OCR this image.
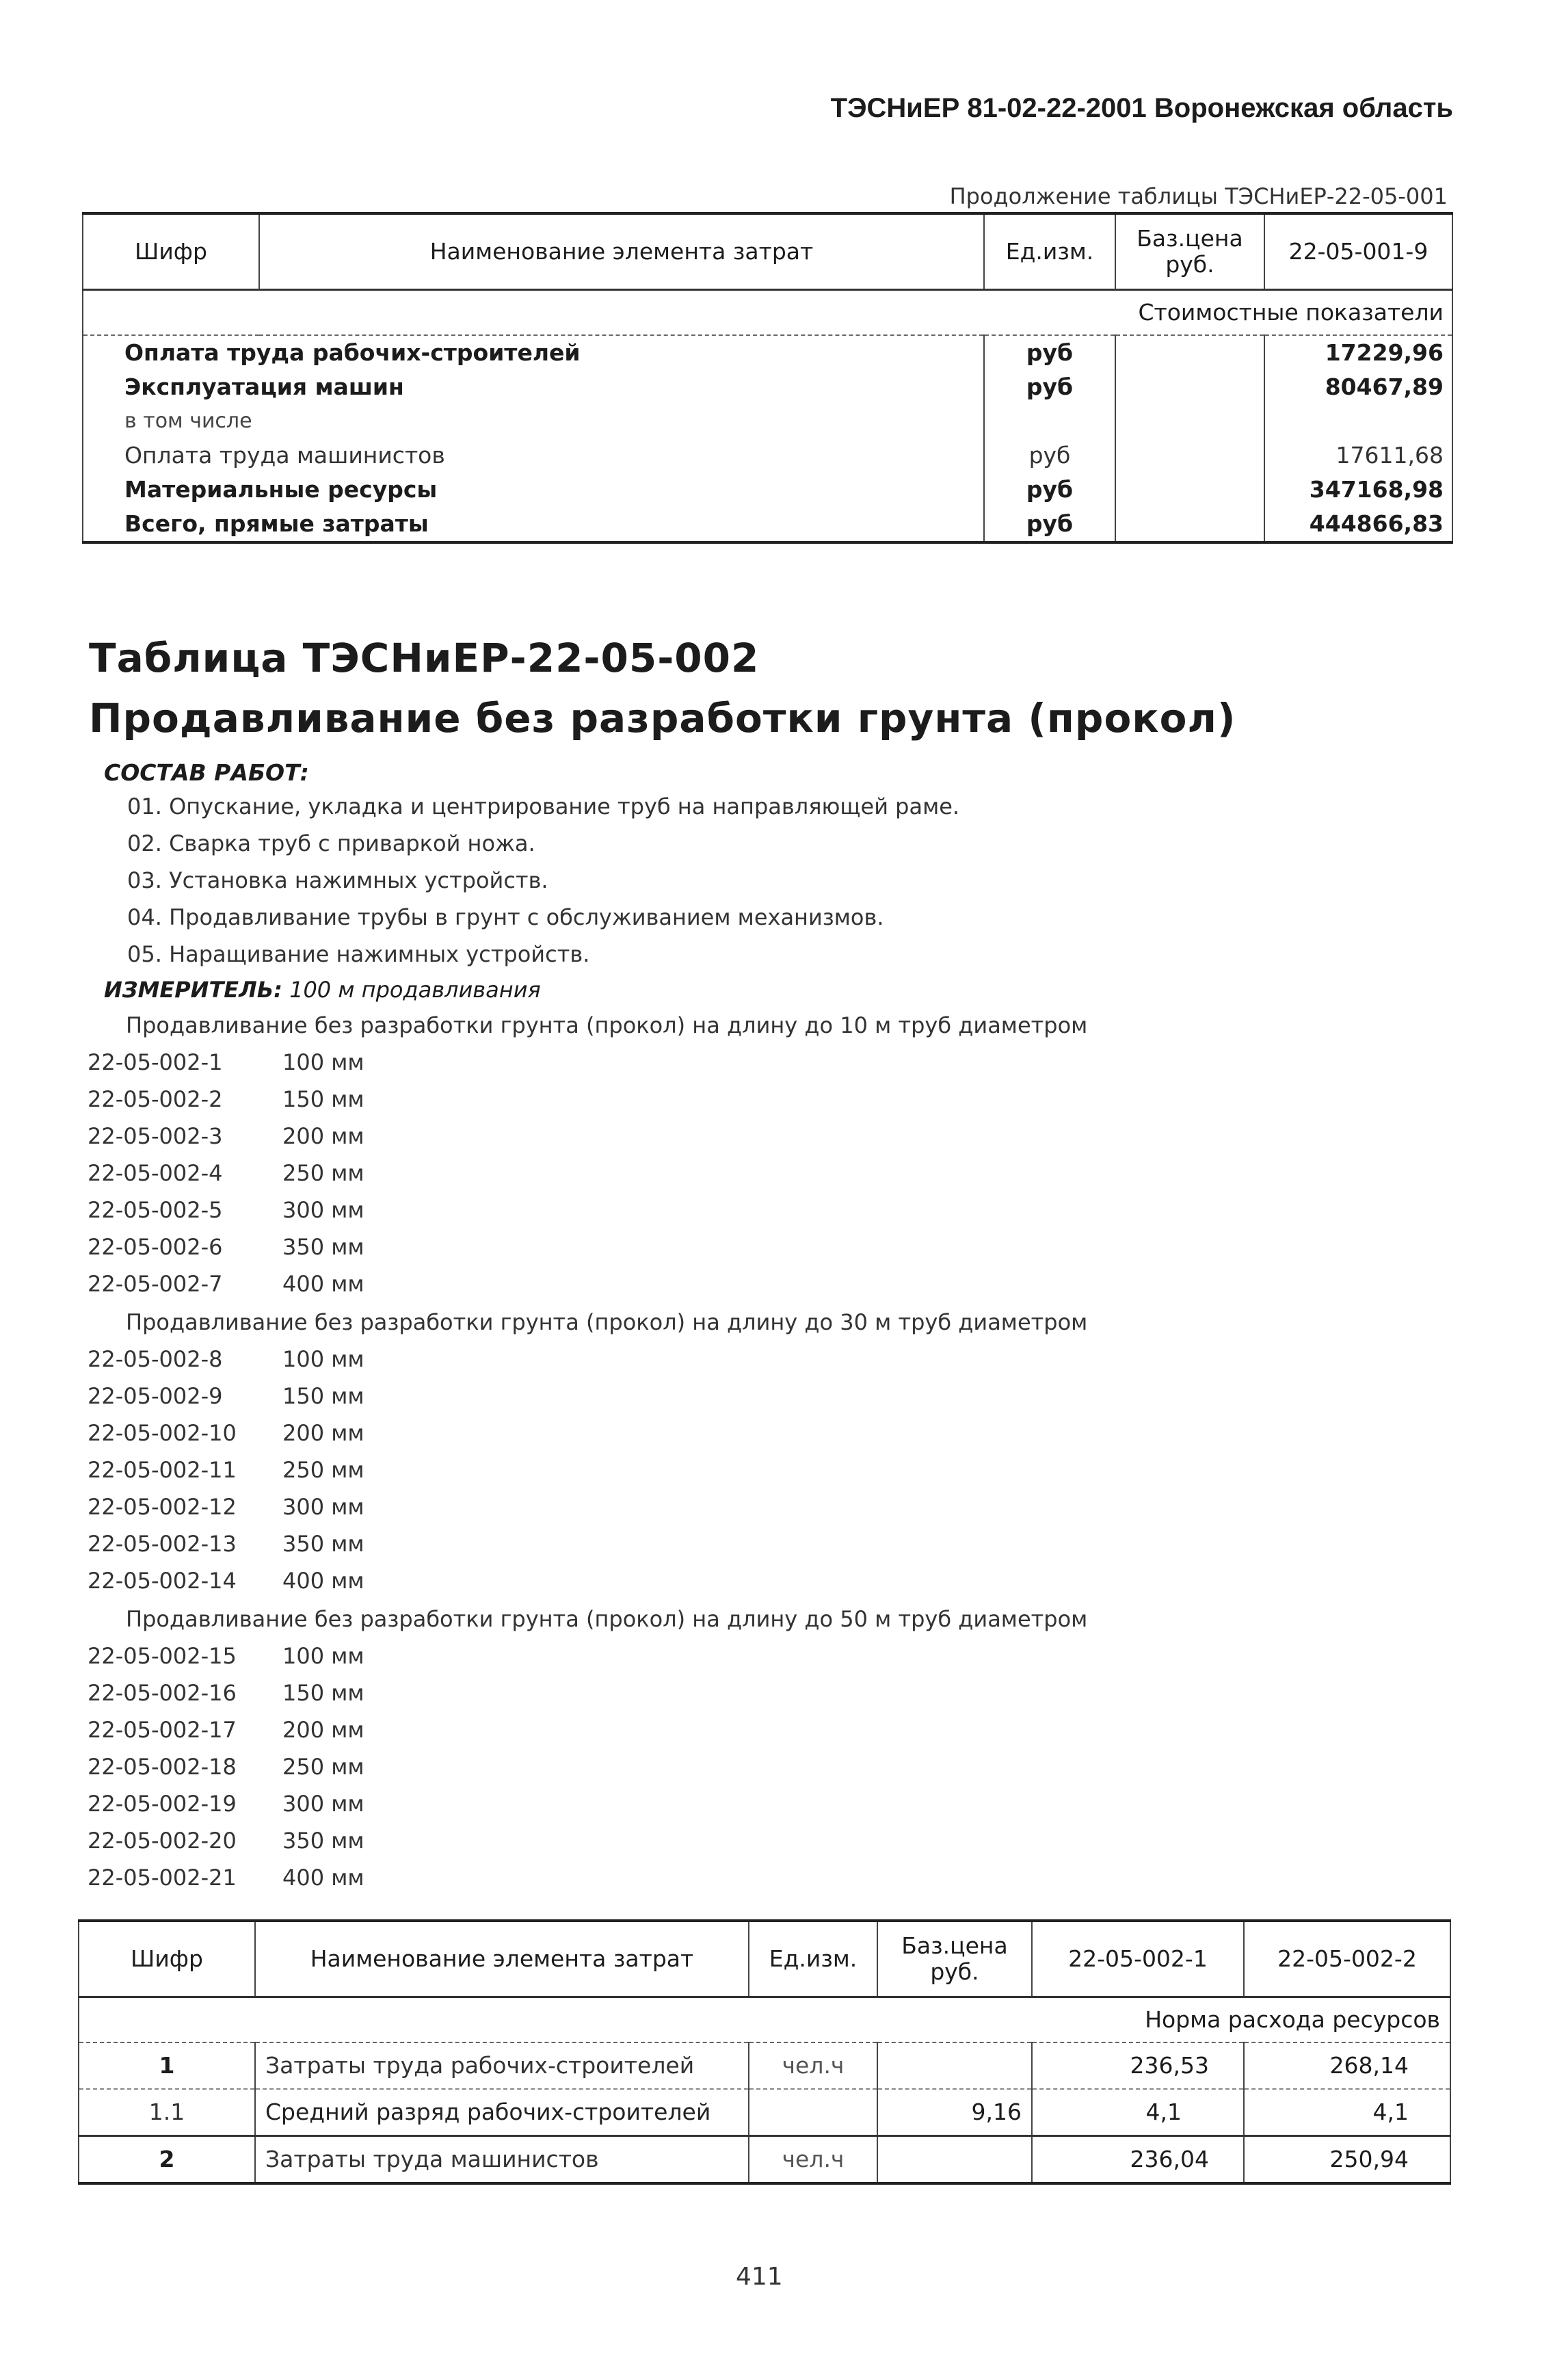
ТЭСНиЕР 81-02-22-2001 Воронежская область
Продолжение таблицы ТЭСНиЕР-22-05-001
Шифр	Наименование элемента затрат	Ед.изм.	Баз.цена руб.	22-05-001-9
Стоимостные показатели				
Оплата труда рабочих-строителей		руб		17229,96
Эксплуатация машин		руб		80467,89
в том числе				
Оплата труда машинистов		руб		17611,68
Материальные ресурсы		руб		347168,98
Всего, прямые затраты		руб		444866,83
Таблица ТЭСНиЕР-22-05-002
Продавливание без разработки грунта (прокол)
СОСТАВ РАБОТ:
01. Опускание, укладка и центрирование труб на направляющей раме.
02. Сварка труб с приваркой ножа.
03. Установка нажимных устройств.
04. Продавливание трубы в грунт с обслуживанием механизмов.
05. Наращивание нажимных устройств.
ИЗМЕРИТЕЛЬ: 100 м продавливания
Продавливание без разработки грунта (прокол) на длину до 10 м труб диаметром
22-05-002-1	100 мм
22-05-002-2	150 мм
22-05-002-3	200 мм
22-05-002-4	250 мм
22-05-002-5	300 мм
22-05-002-6	350 мм
22-05-002-7	400 мм
Продавливание без разработки грунта (прокол) на длину до 30 м труб диаметром
22-05-002-8	100 мм
22-05-002-9	150 мм
22-05-002-10 200 мм
22-05-002-11 250 мм
22-05-002-12 300 мм
22-05-002-13 350 мм
22-05-002-14 400 мм
Продавливание без разработки грунта (прокол) на длину до 50 м труб диаметром
22-05-002-15 100 мм
22-05-002-16 150 мм
22-05-002-17 200 мм
22-05-002-18 250 мм
22-05-002-19 300 мм
22-05-002-20 350 мм
22-05-002-21 400 мм
Шифр	Наименование элемента затрат	Ед.изм.	Баз.цена руб.	22-05-002-1	22-05-002-2
Норма расхода ресурсов					
1	Затраты труда рабочих-строителей	чел.ч		236,53	268,14
1.1	Средний разряд рабочих-строителей		9,16	4,1	4,1
2	Затраты труда машинистов	чел.ч		236,04	250,94
411
